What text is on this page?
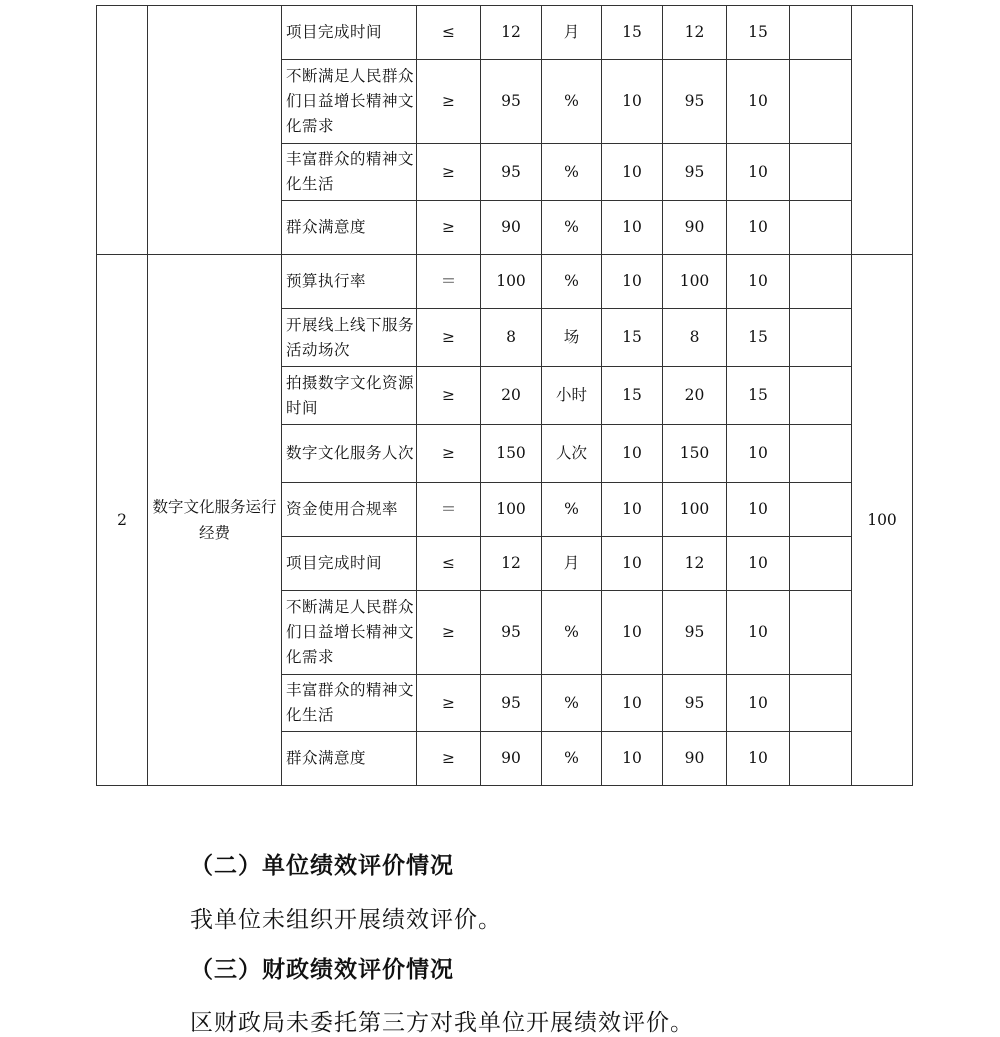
		项目完成时间	≤	12	月	15	12	15		
		不断满足人民群众们日益增长精神文化需求	≥	95	%	10	95	10		
		丰富群众的精神文化生活	≥	95	%	10	95	10		
		群众满意度	≥	90	%	10	90	10		
2	数字文化服务运行经费	预算执行率	＝	100	%	10	100	10		100
		开展线上线下服务活动场次	≥	8	场	15	8	15		
		拍摄数字文化资源时间	≥	20	小时	15	20	15		
		数字文化服务人次	≥	150	人次	10	150	10		
		资金使用合规率	＝	100	%	10	100	10		
		项目完成时间	≤	12	月	10	12	10		
		不断满足人民群众们日益增长精神文化需求	≥	95	%	10	95	10		
		丰富群众的精神文化生活	≥	95	%	10	95	10		
		群众满意度	≥	90	%	10	90	10		
（二）单位绩效评价情况
我单位未组织开展绩效评价。
（三）财政绩效评价情况
区财政局未委托第三方对我单位开展绩效评价。
